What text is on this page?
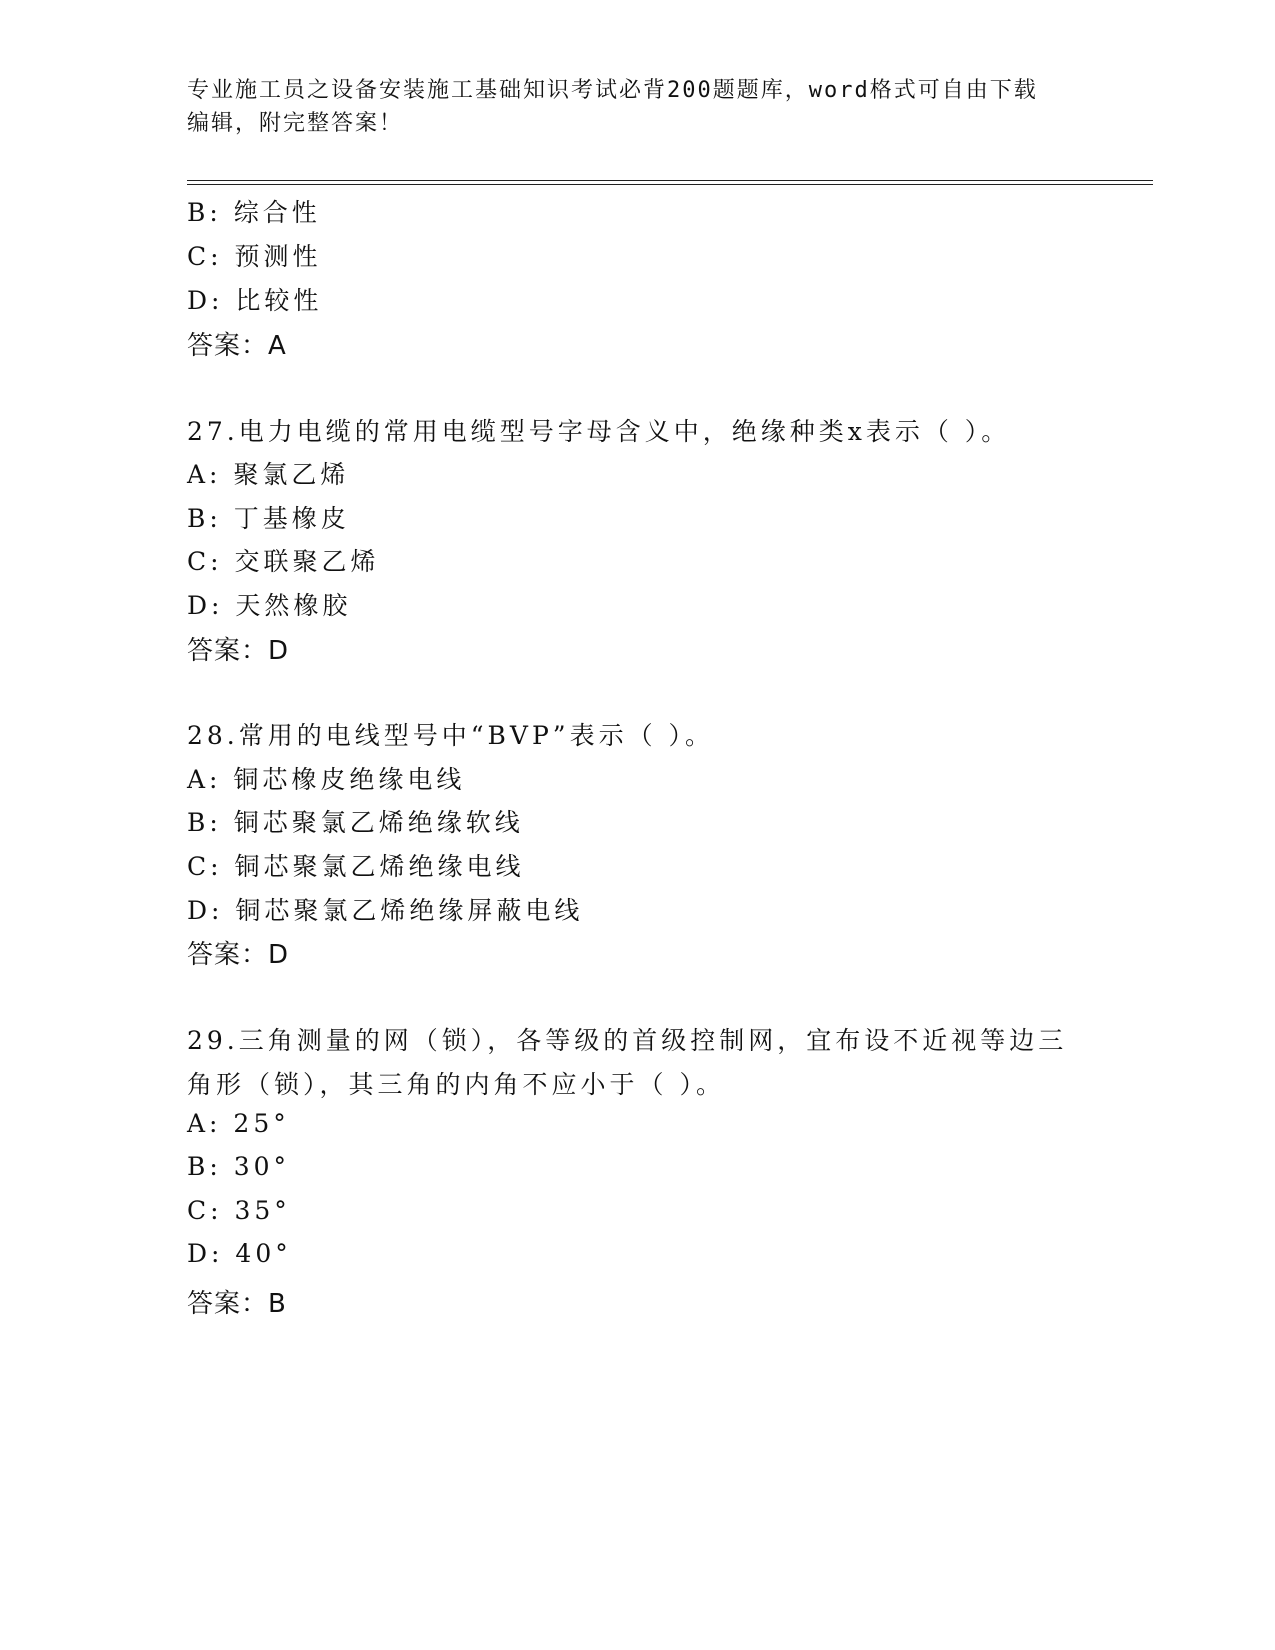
专业施工员之设备安装施工基础知识考试必背200题题库，word格式可自由下载
编辑，附完整答案！
B: 综合性
C: 预测性
D: 比较性
答案：A
27.电力电缆的常用电缆型号字母含义中，绝缘种类x表示（ ）。
A: 聚氯乙烯
B: 丁基橡皮
C: 交联聚乙烯
D: 天然橡胶
答案：D
28.常用的电线型号中“BVP”表示（ ）。
A: 铜芯橡皮绝缘电线
B: 铜芯聚氯乙烯绝缘软线
C: 铜芯聚氯乙烯绝缘电线
D: 铜芯聚氯乙烯绝缘屏蔽电线
答案：D
29.三角测量的网（锁），各等级的首级控制网，宜布设不近视等边三
角形（锁），其三角的内角不应小于（ ）。
A: 25°
B: 30°
C: 35°
D: 40°
答案：B
